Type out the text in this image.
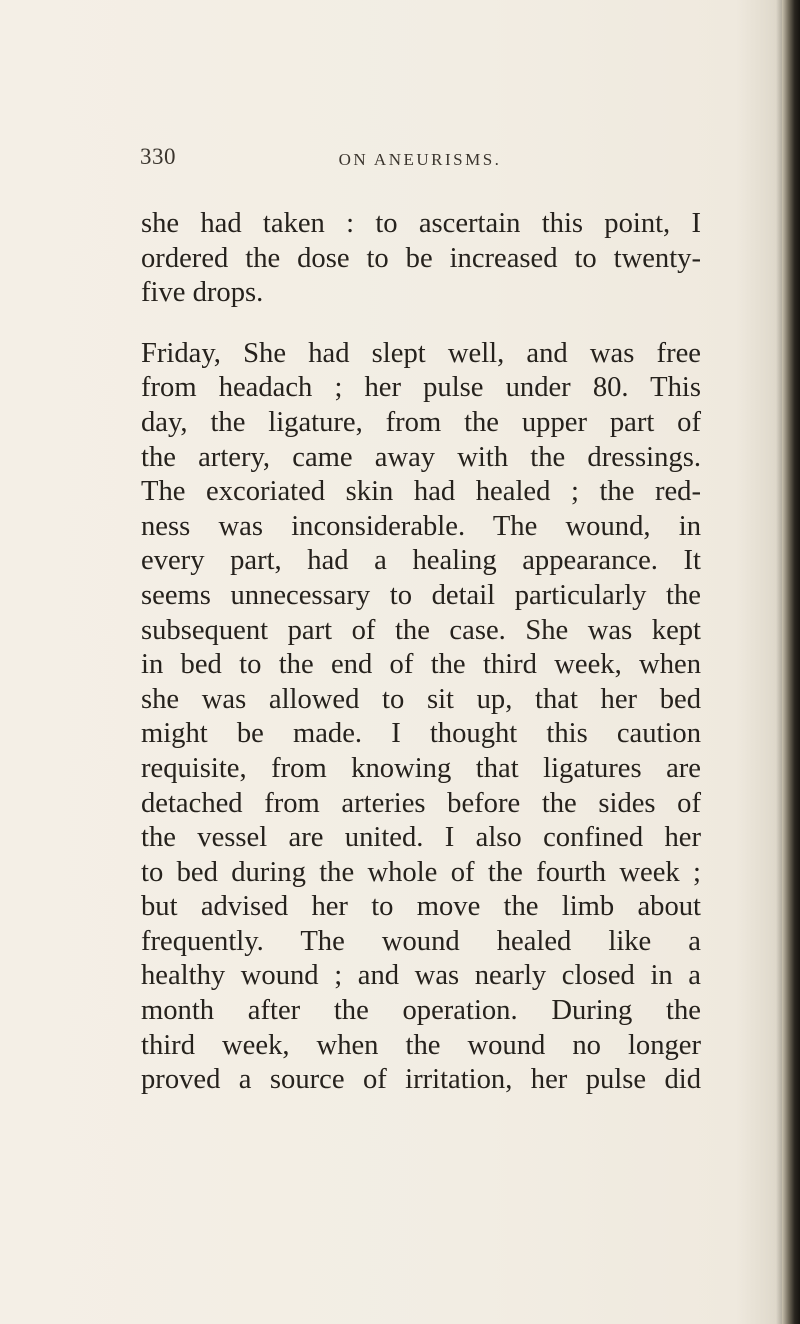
330	ON ANEURISMS.
she had taken : to ascertain this point, I
ordered the dose to be increased to twenty-
five drops.
Friday, She had slept well, and was free
from headach ; her pulse under 80. This
day, the ligature, from the upper part of
the artery, came away with the dressings.
The excoriated skin had healed ; the red-
ness was inconsiderable. The wound, in
every part, had a healing appearance. It
seems unnecessary to detail particularly the
subsequent part of the case. She was kept
in bed to the end of the third week, when
she was allowed to sit up, that her bed
might be made. I thought this caution
requisite, from knowing that ligatures are
detached from arteries before the sides of
the vessel are united. I also confined her
to bed during the whole of the fourth week ;
but advised her to move the limb about
frequently. The wound healed like a
healthy wound ; and was nearly closed in a
month after the operation. During the
third week, when the wound no longer
proved a source of irritation, her pulse did
